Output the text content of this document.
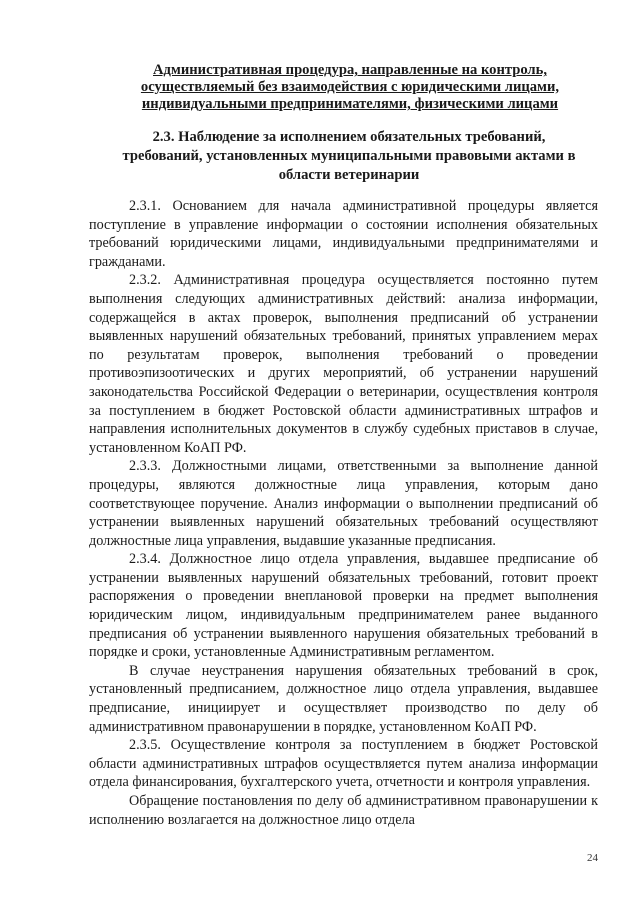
Административная процедура, направленные на контроль,
осуществляемый без взаимодействия с юридическими лицами,
индивидуальными предпринимателями, физическими лицами
2.3. Наблюдение за исполнением обязательных требований,
требований, установленных муниципальными правовыми актами в
области ветеринарии

2.3.1. Основанием для начала административной процедуры является поступление в управление информации о состоянии исполнения обязательных требований юридическими лицами, индивидуальными предпринимателями и гражданами.

2.3.2. Административная процедура осуществляется постоянно путем выполнения следующих административных действий: анализа информации, содержащейся в актах проверок, выполнения предписаний об устранении выявленных нарушений обязательных требований, принятых управлением мерах по результатам проверок, выполнения требований о проведении противоэпизоотических и других мероприятий, об устранении нарушений законодательства Российской Федерации о ветеринарии, осуществления контроля за поступлением в бюджет Ростовской области административных штрафов и направления исполнительных документов в службу судебных приставов в случае, установленном КоАП РФ.

2.3.3. Должностными лицами, ответственными за выполнение данной процедуры, являются должностные лица управления, которым дано соответствующее поручение. Анализ информации о выполнении предписаний об устранении выявленных нарушений обязательных требований осуществляют должностные лица управления, выдавшие указанные предписания.

2.3.4. Должностное лицо отдела управления, выдавшее предписание об устранении выявленных нарушений обязательных требований, готовит проект распоряжения о проведении внеплановой проверки на предмет выполнения юридическим лицом, индивидуальным предпринимателем ранее выданного предписания об устранении выявленного нарушения обязательных требований в порядке и сроки, установленные Административным регламентом.

В случае неустранения нарушения обязательных требований в срок, установленный предписанием, должностное лицо отдела управления, выдавшее предписание, инициирует и осуществляет производство по делу об административном правонарушении в порядке, установленном КоАП РФ.

2.3.5. Осуществление контроля за поступлением в бюджет Ростовской области административных штрафов осуществляется путем анализа информации отдела финансирования, бухгалтерского учета, отчетности и контроля управления.

Обращение постановления по делу об административном правонарушении к исполнению возлагается на должностное лицо отдела

24
